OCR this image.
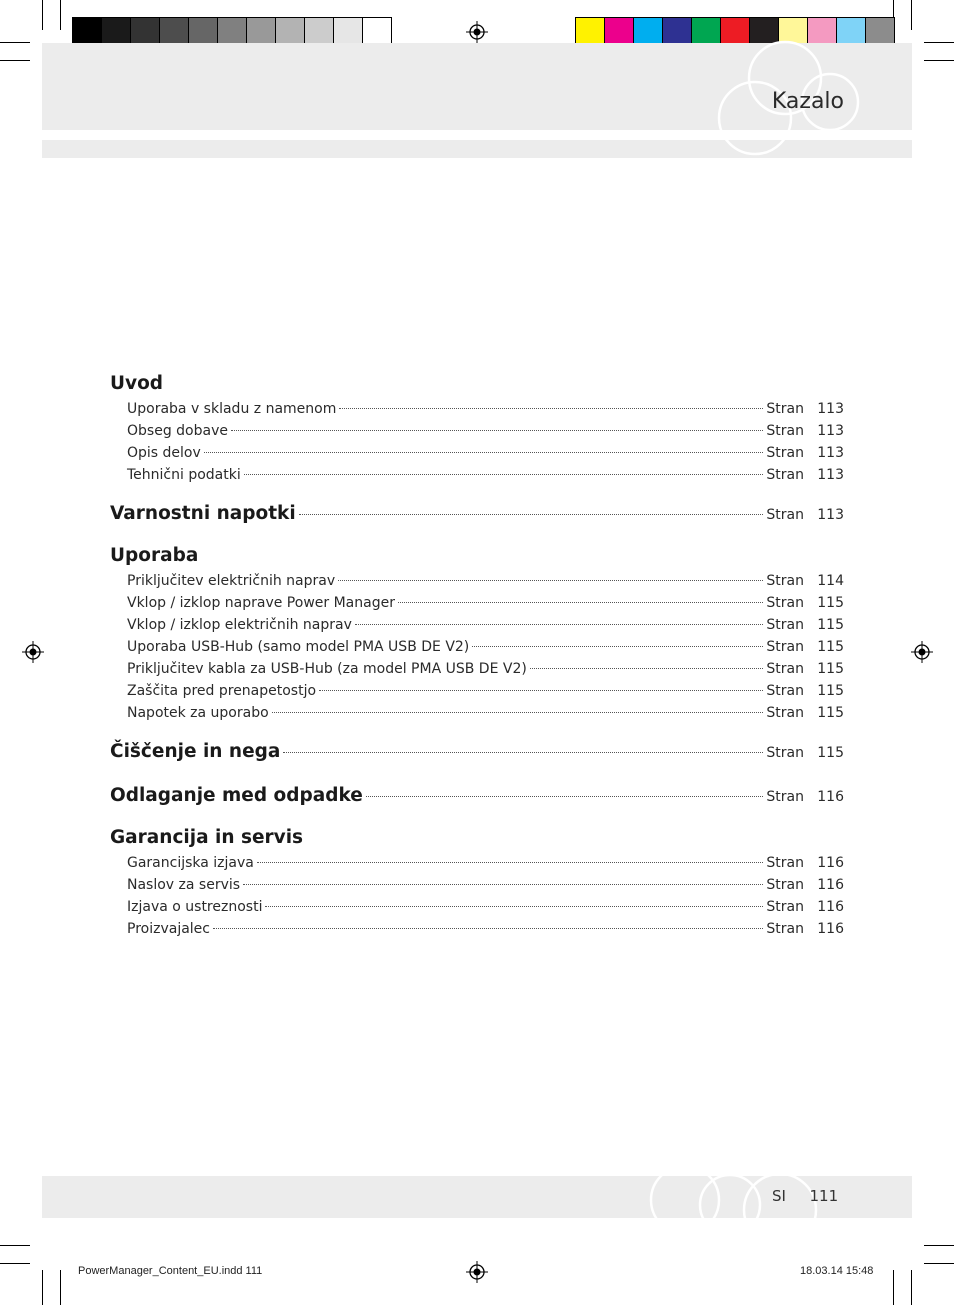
Kazalo
Uvod
Uporaba v skladu z namenom	Stran 113
Obseg dobave	Stran 113
Opis delov	Stran 113
Tehnični podatki	Stran 113
Varnostni napotki	Stran 113
Uporaba
Priključitev električnih naprav	Stran 114
Vklop / izklop naprave Power Manager	Stran 115
Vklop / izklop električnih naprav	Stran 115
Uporaba USB-Hub (samo model PMA USB DE V2)	Stran 115
Priključitev kabla za USB-Hub (za model PMA USB DE V2)	Stran 115
Zaščita pred prenapetostjo	Stran 115
Napotek za uporabo	Stran 115
Čiščenje in nega	Stran 115
Odlaganje med odpadke	Stran 116
Garancija in servis
Garancijska izjava	Stran 116
Naslov za servis	Stran 116
Izjava o ustreznosti	Stran 116
Proizvajalec	Stran 116
SI 111
PowerManager_Content_EU.indd 111	18.03.14 15:48
